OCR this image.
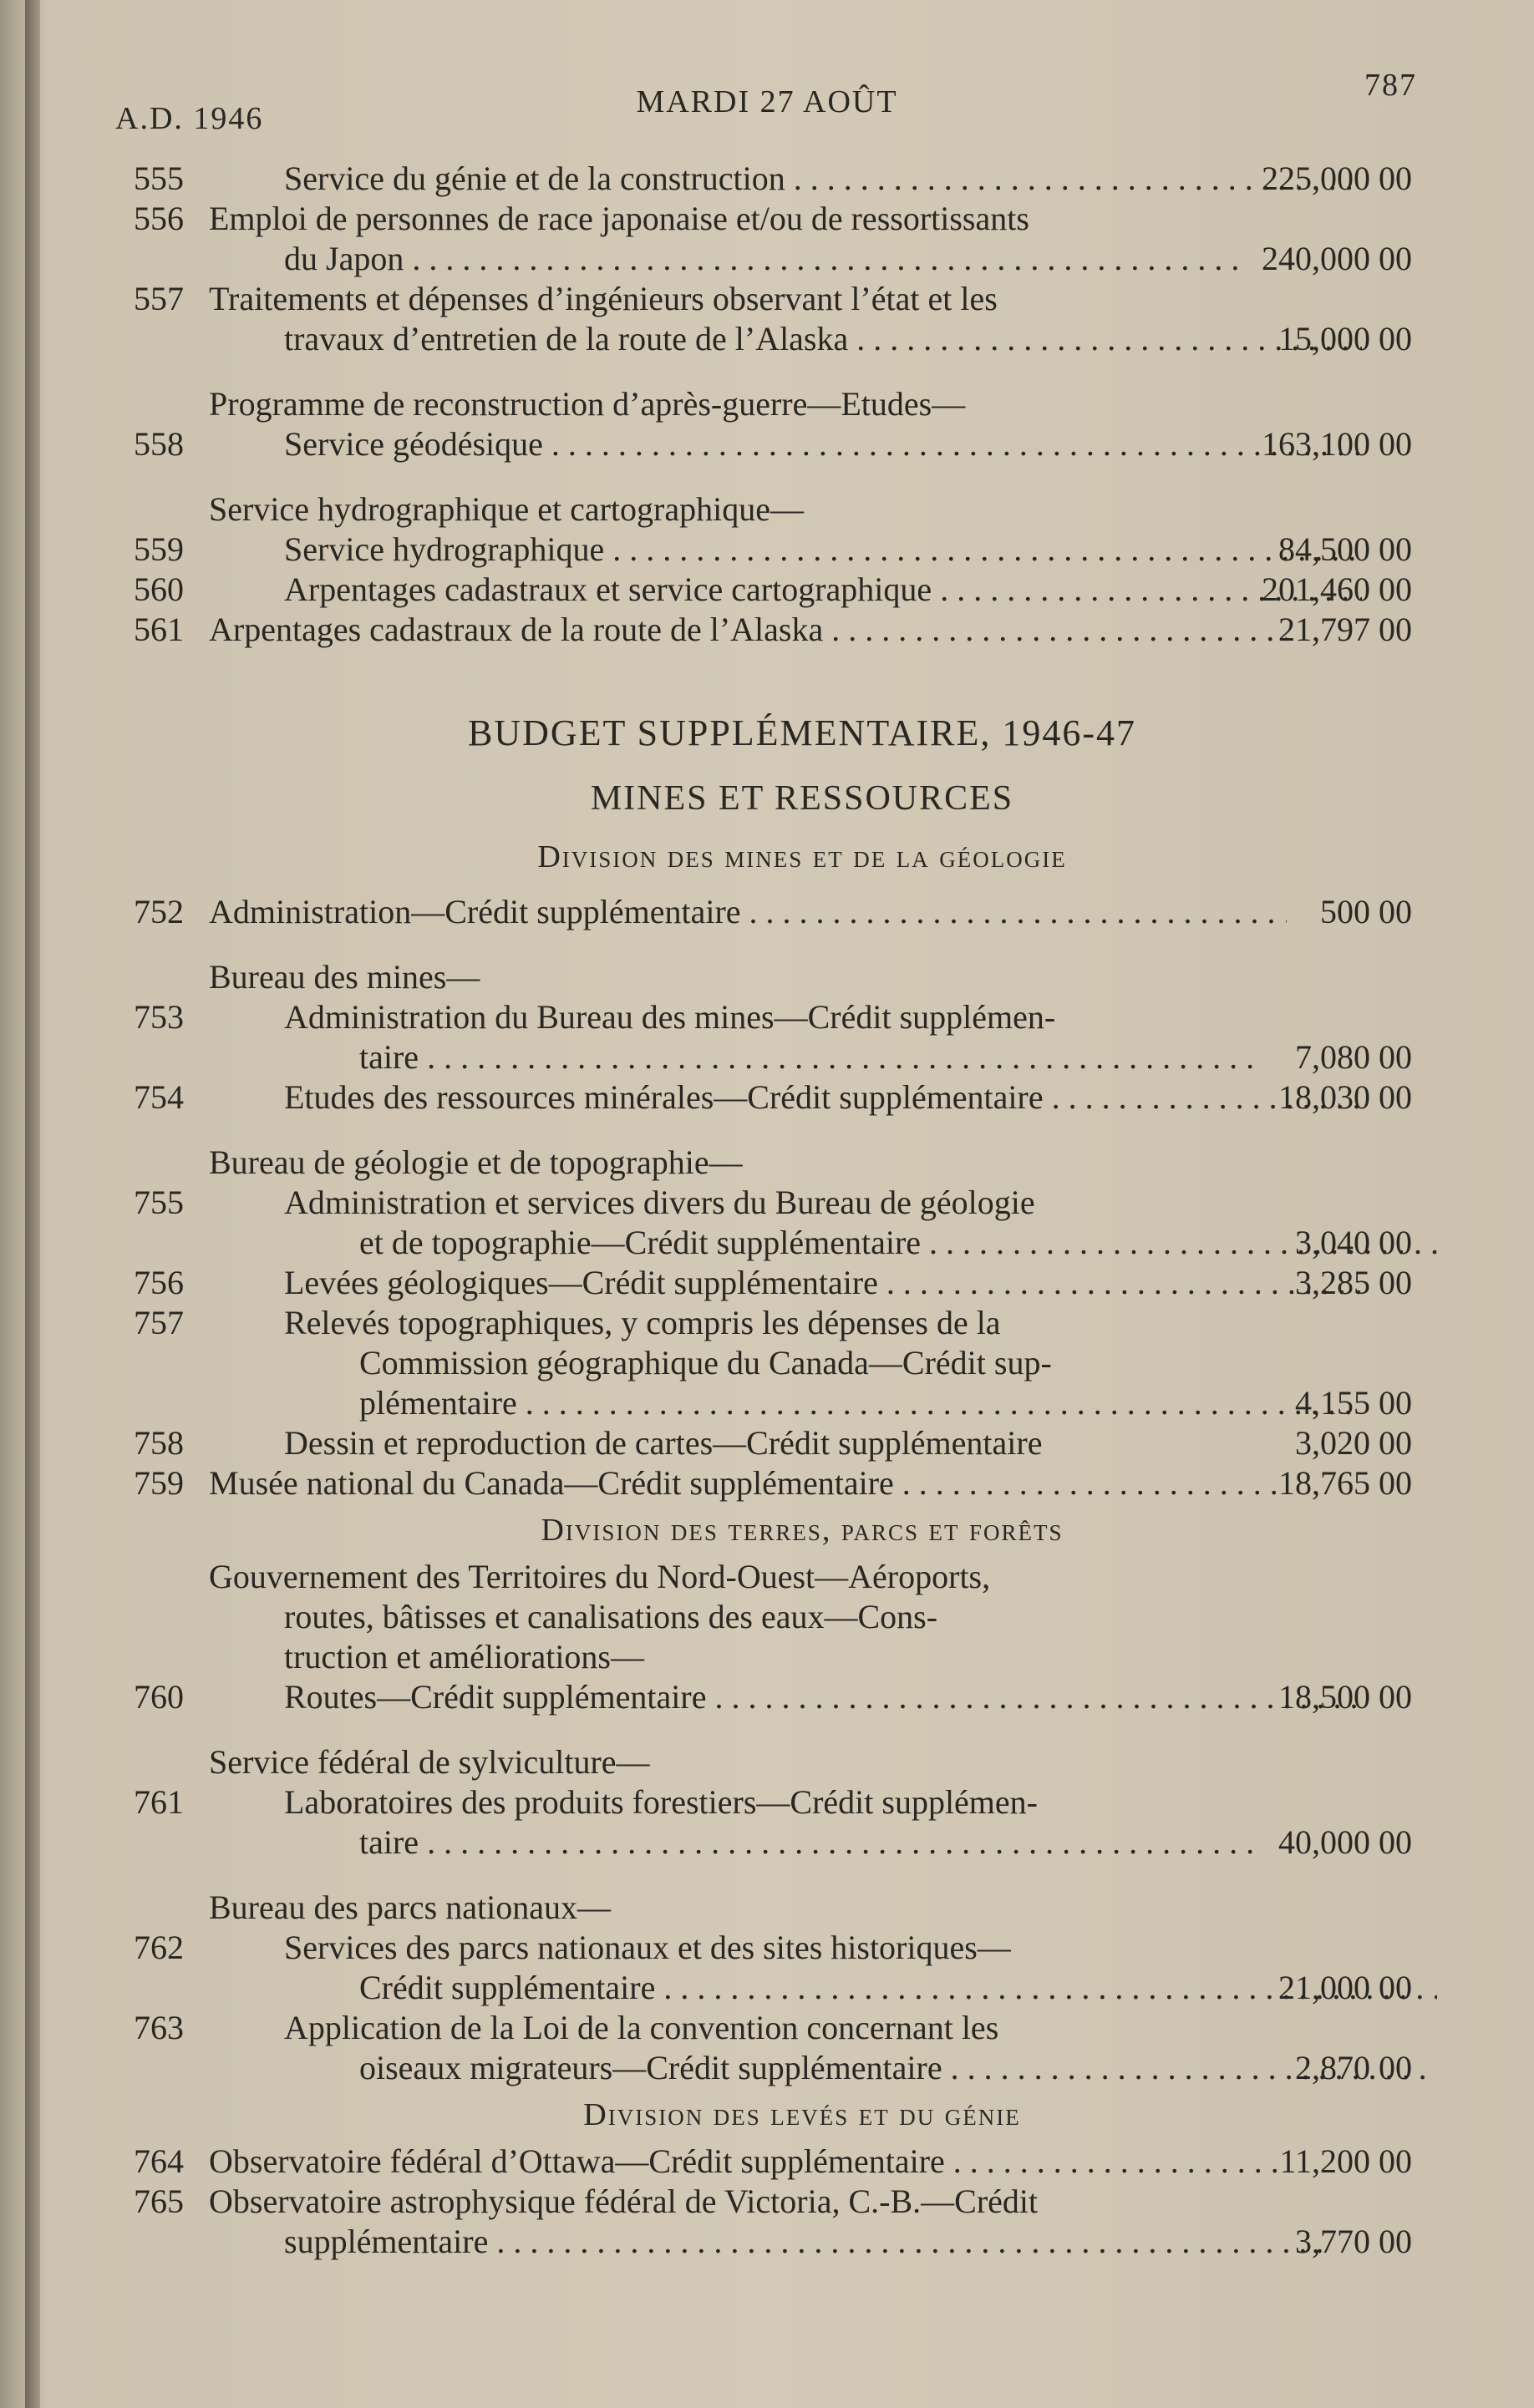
A.D. 1946	MARDI 27 AOÛT	787
555	Service du génie et de la construction . . .	225,000 00
556 Emploi de personnes de race japonaise et/ou de ressortissants
du Japon . . .	240,000 00
557 Traitements et dépenses d’ingénieurs observant l’état et les
travaux d’entretien de la route de l’Alaska . . .	15,000 00
Programme de reconstruction d’après-guerre—Etudes—
558	Service géodésique . . .	163,100 00
Service hydrographique et cartographique—
559	Service hydrographique . . .	84,500 00
560	Arpentages cadastraux et service cartographique . . .	201,460 00
561 Arpentages cadastraux de la route de l’Alaska . . .	21,797 00
BUDGET SUPPLÉMENTAIRE, 1946-47
MINES ET RESSOURCES
Division des mines et de la géologie
752 Administration—Crédit supplémentaire . . .	500 00
Bureau des mines—
753	Administration du Bureau des mines—Crédit supplémen-
taire . . .	7,080 00
754	Etudes des ressources minérales—Crédit supplémentaire . . .	18,030 00
Bureau de géologie et de topographie—
755	Administration et services divers du Bureau de géologie
et de topographie—Crédit supplémentaire . . .	3,040 00
756	Levées géologiques—Crédit supplémentaire . . .	3,285 00
757	Relevés topographiques, y compris les dépenses de la
Commission géographique du Canada—Crédit sup-
plémentaire . . .	4,155 00
758	Dessin et reproduction de cartes—Crédit supplémentaire	3,020 00
759 Musée national du Canada—Crédit supplémentaire . . .	18,765 00
Division des terres, parcs et forêts
Gouvernement des Territoires du Nord-Ouest—Aéroports,
routes, bâtisses et canalisations des eaux—Cons-
truction et améliorations—
760	Routes—Crédit supplémentaire . . .	18,500 00
Service fédéral de sylviculture—
761	Laboratoires des produits forestiers—Crédit supplémen-
taire . . .	40,000 00
Bureau des parcs nationaux—
762	Services des parcs nationaux et des sites historiques—
Crédit supplémentaire . . .	21,000 00
763	Application de la Loi de la convention concernant les
oiseaux migrateurs—Crédit supplémentaire . . .	2,870 00
Division des levés et du génie
764 Observatoire fédéral d’Ottawa—Crédit supplémentaire . . .	11,200 00
765 Observatoire astrophysique fédéral de Victoria, C.-B.—Crédit
supplémentaire . . .	3,770 00
